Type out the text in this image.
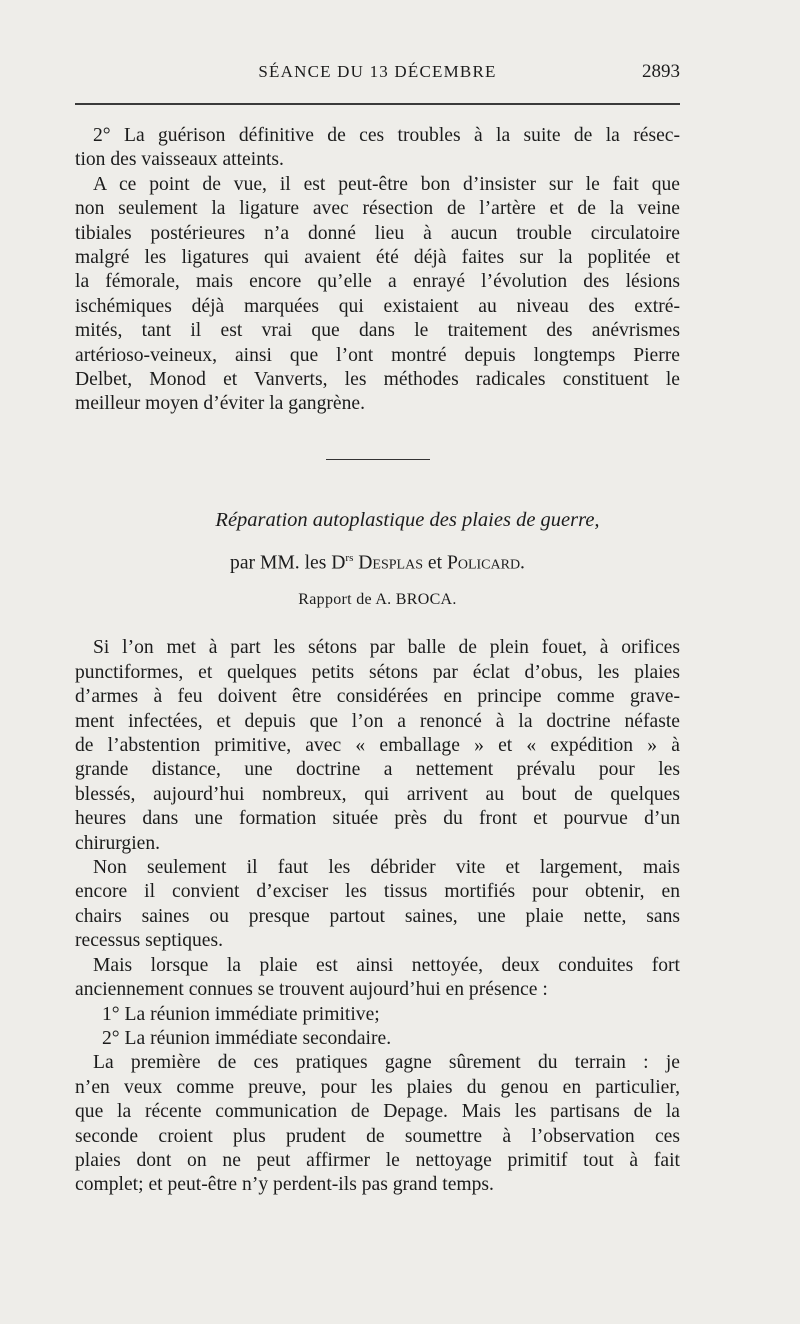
SÉANCE DU 13 DÉCEMBRE	2893

2° La guérison définitive de ces troubles à la suite de la résec-

tion des vaisseaux atteints.

A ce point de vue, il est peut-être bon d’insister sur le fait que

non seulement la ligature avec résection de l’artère et de la veine

tibiales postérieures n’a donné lieu à aucun trouble circulatoire

malgré les ligatures qui avaient été déjà faites sur la poplitée et

la fémorale, mais encore qu’elle a enrayé l’évolution des lésions

ischémiques déjà marquées qui existaient au niveau des extré-

mités, tant il est vrai que dans le traitement des anévrismes

artérioso-veineux, ainsi que l’ont montré depuis longtemps Pierre

Delbet, Monod et Vanverts, les méthodes radicales constituent le

meilleur moyen d’éviter la gangrène.

Réparation autoplastique des plaies de guerre,
par MM. les $D^{rs}$ Desplas et Policard.
Rapport de A. BROCA.

Si l’on met à part les sétons par balle de plein fouet, à orifices

punctiformes, et quelques petits sétons par éclat d’obus, les plaies

d’armes à feu doivent être considérées en principe comme grave-

ment infectées, et depuis que l’on a renoncé à la doctrine néfaste

de l’abstention primitive, avec « emballage » et « expédition » à

grande distance, une doctrine a nettement prévalu pour les

blessés, aujourd’hui nombreux, qui arrivent au bout de quelques

heures dans une formation située près du front et pourvue d’un

chirurgien.

Non seulement il faut les débrider vite et largement, mais

encore il convient d’exciser les tissus mortifiés pour obtenir, en

chairs saines ou presque partout saines, une plaie nette, sans

recessus septiques.

Mais lorsque la plaie est ainsi nettoyée, deux conduites fort

anciennement connues se trouvent aujourd’hui en présence :

1° La réunion immédiate primitive;

2° La réunion immédiate secondaire.

La première de ces pratiques gagne sûrement du terrain : je

n’en veux comme preuve, pour les plaies du genou en particulier,

que la récente communication de Depage. Mais les partisans de la

seconde croient plus prudent de soumettre à l’observation ces

plaies dont on ne peut affirmer le nettoyage primitif tout à fait

complet; et peut-être n’y perdent-ils pas grand temps.
